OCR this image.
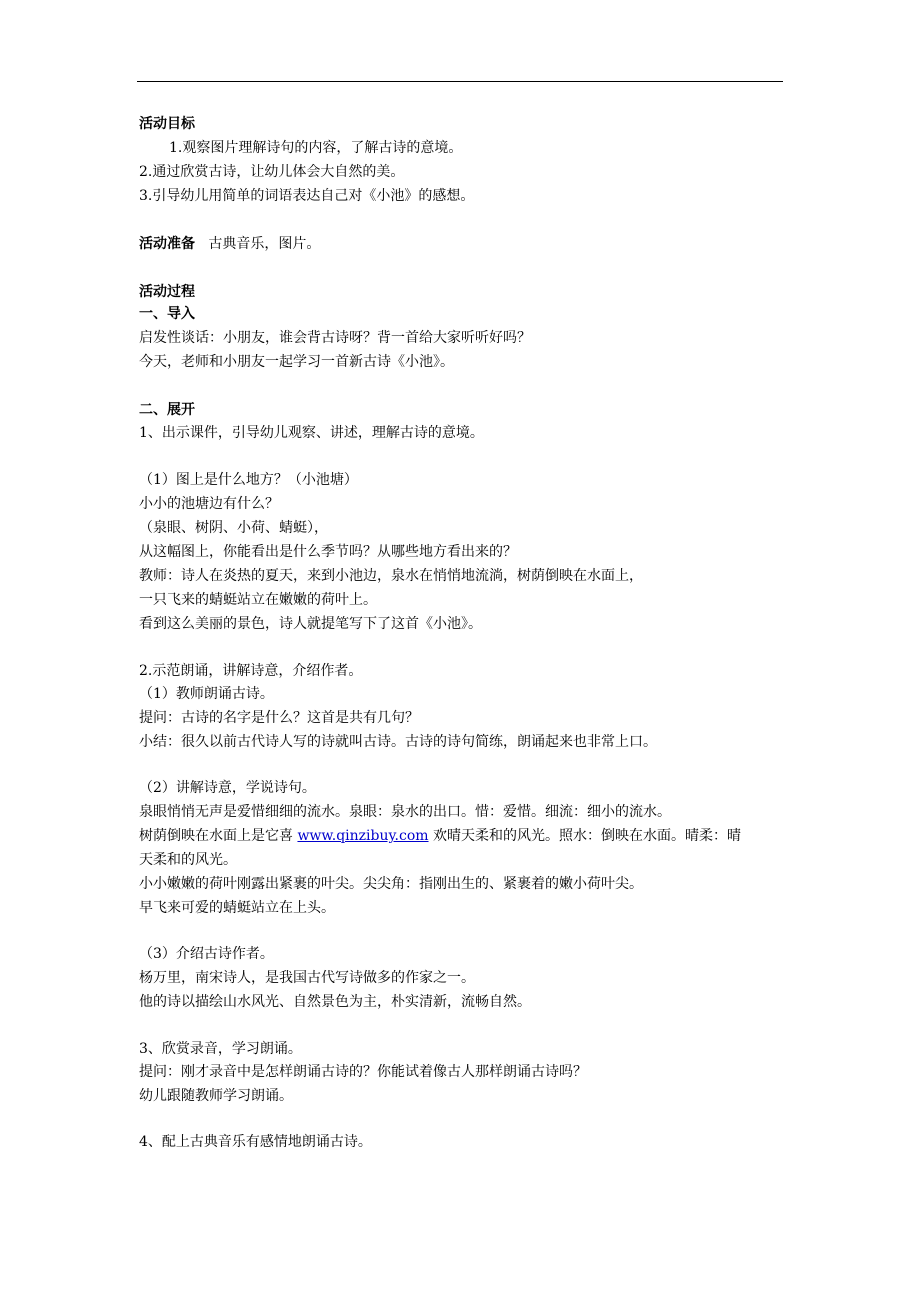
活动目标
1.观察图片理解诗句的内容，了解古诗的意境。
2.通过欣赏古诗，让幼儿体会大自然的美。
3.引导幼儿用简单的词语表达自己对《小池》的感想。
活动准备 古典音乐，图片。
活动过程
一、导入
启发性谈话：小朋友，谁会背古诗呀？背一首给大家听听好吗？
今天，老师和小朋友一起学习一首新古诗《小池》。
二、展开
1、出示课件，引导幼儿观察、讲述，理解古诗的意境。
（1）图上是什么地方？（小池塘）
小小的池塘边有什么？
（泉眼、树阴、小荷、蜻蜓），
从这幅图上，你能看出是什么季节吗？从哪些地方看出来的？
教师：诗人在炎热的夏天，来到小池边，泉水在悄悄地流淌，树荫倒映在水面上，
一只飞来的蜻蜓站立在嫩嫩的荷叶上。
看到这么美丽的景色，诗人就提笔写下了这首《小池》。
2.示范朗诵，讲解诗意，介绍作者。
（1）教师朗诵古诗。
提问：古诗的名字是什么？这首是共有几句？
小结：很久以前古代诗人写的诗就叫古诗。古诗的诗句简练，朗诵起来也非常上口。
（2）讲解诗意，学说诗句。
泉眼悄悄无声是爱惜细细的流水。泉眼：泉水的出口。惜：爱惜。细流：细小的流水。
树荫倒映在水面上是它喜 www.qinzibuy.com 欢晴天柔和的风光。照水：倒映在水面。晴柔：晴
天柔和的风光。
小小嫩嫩的荷叶刚露出紧裹的叶尖。尖尖角：指刚出生的、紧裹着的嫩小荷叶尖。
早飞来可爱的蜻蜓站立在上头。
（3）介绍古诗作者。
杨万里，南宋诗人，是我国古代写诗做多的作家之一。
他的诗以描绘山水风光、自然景色为主，朴实清新，流畅自然。
3、欣赏录音，学习朗诵。
提问：刚才录音中是怎样朗诵古诗的？你能试着像古人那样朗诵古诗吗？
幼儿跟随教师学习朗诵。
4、配上古典音乐有感情地朗诵古诗。
